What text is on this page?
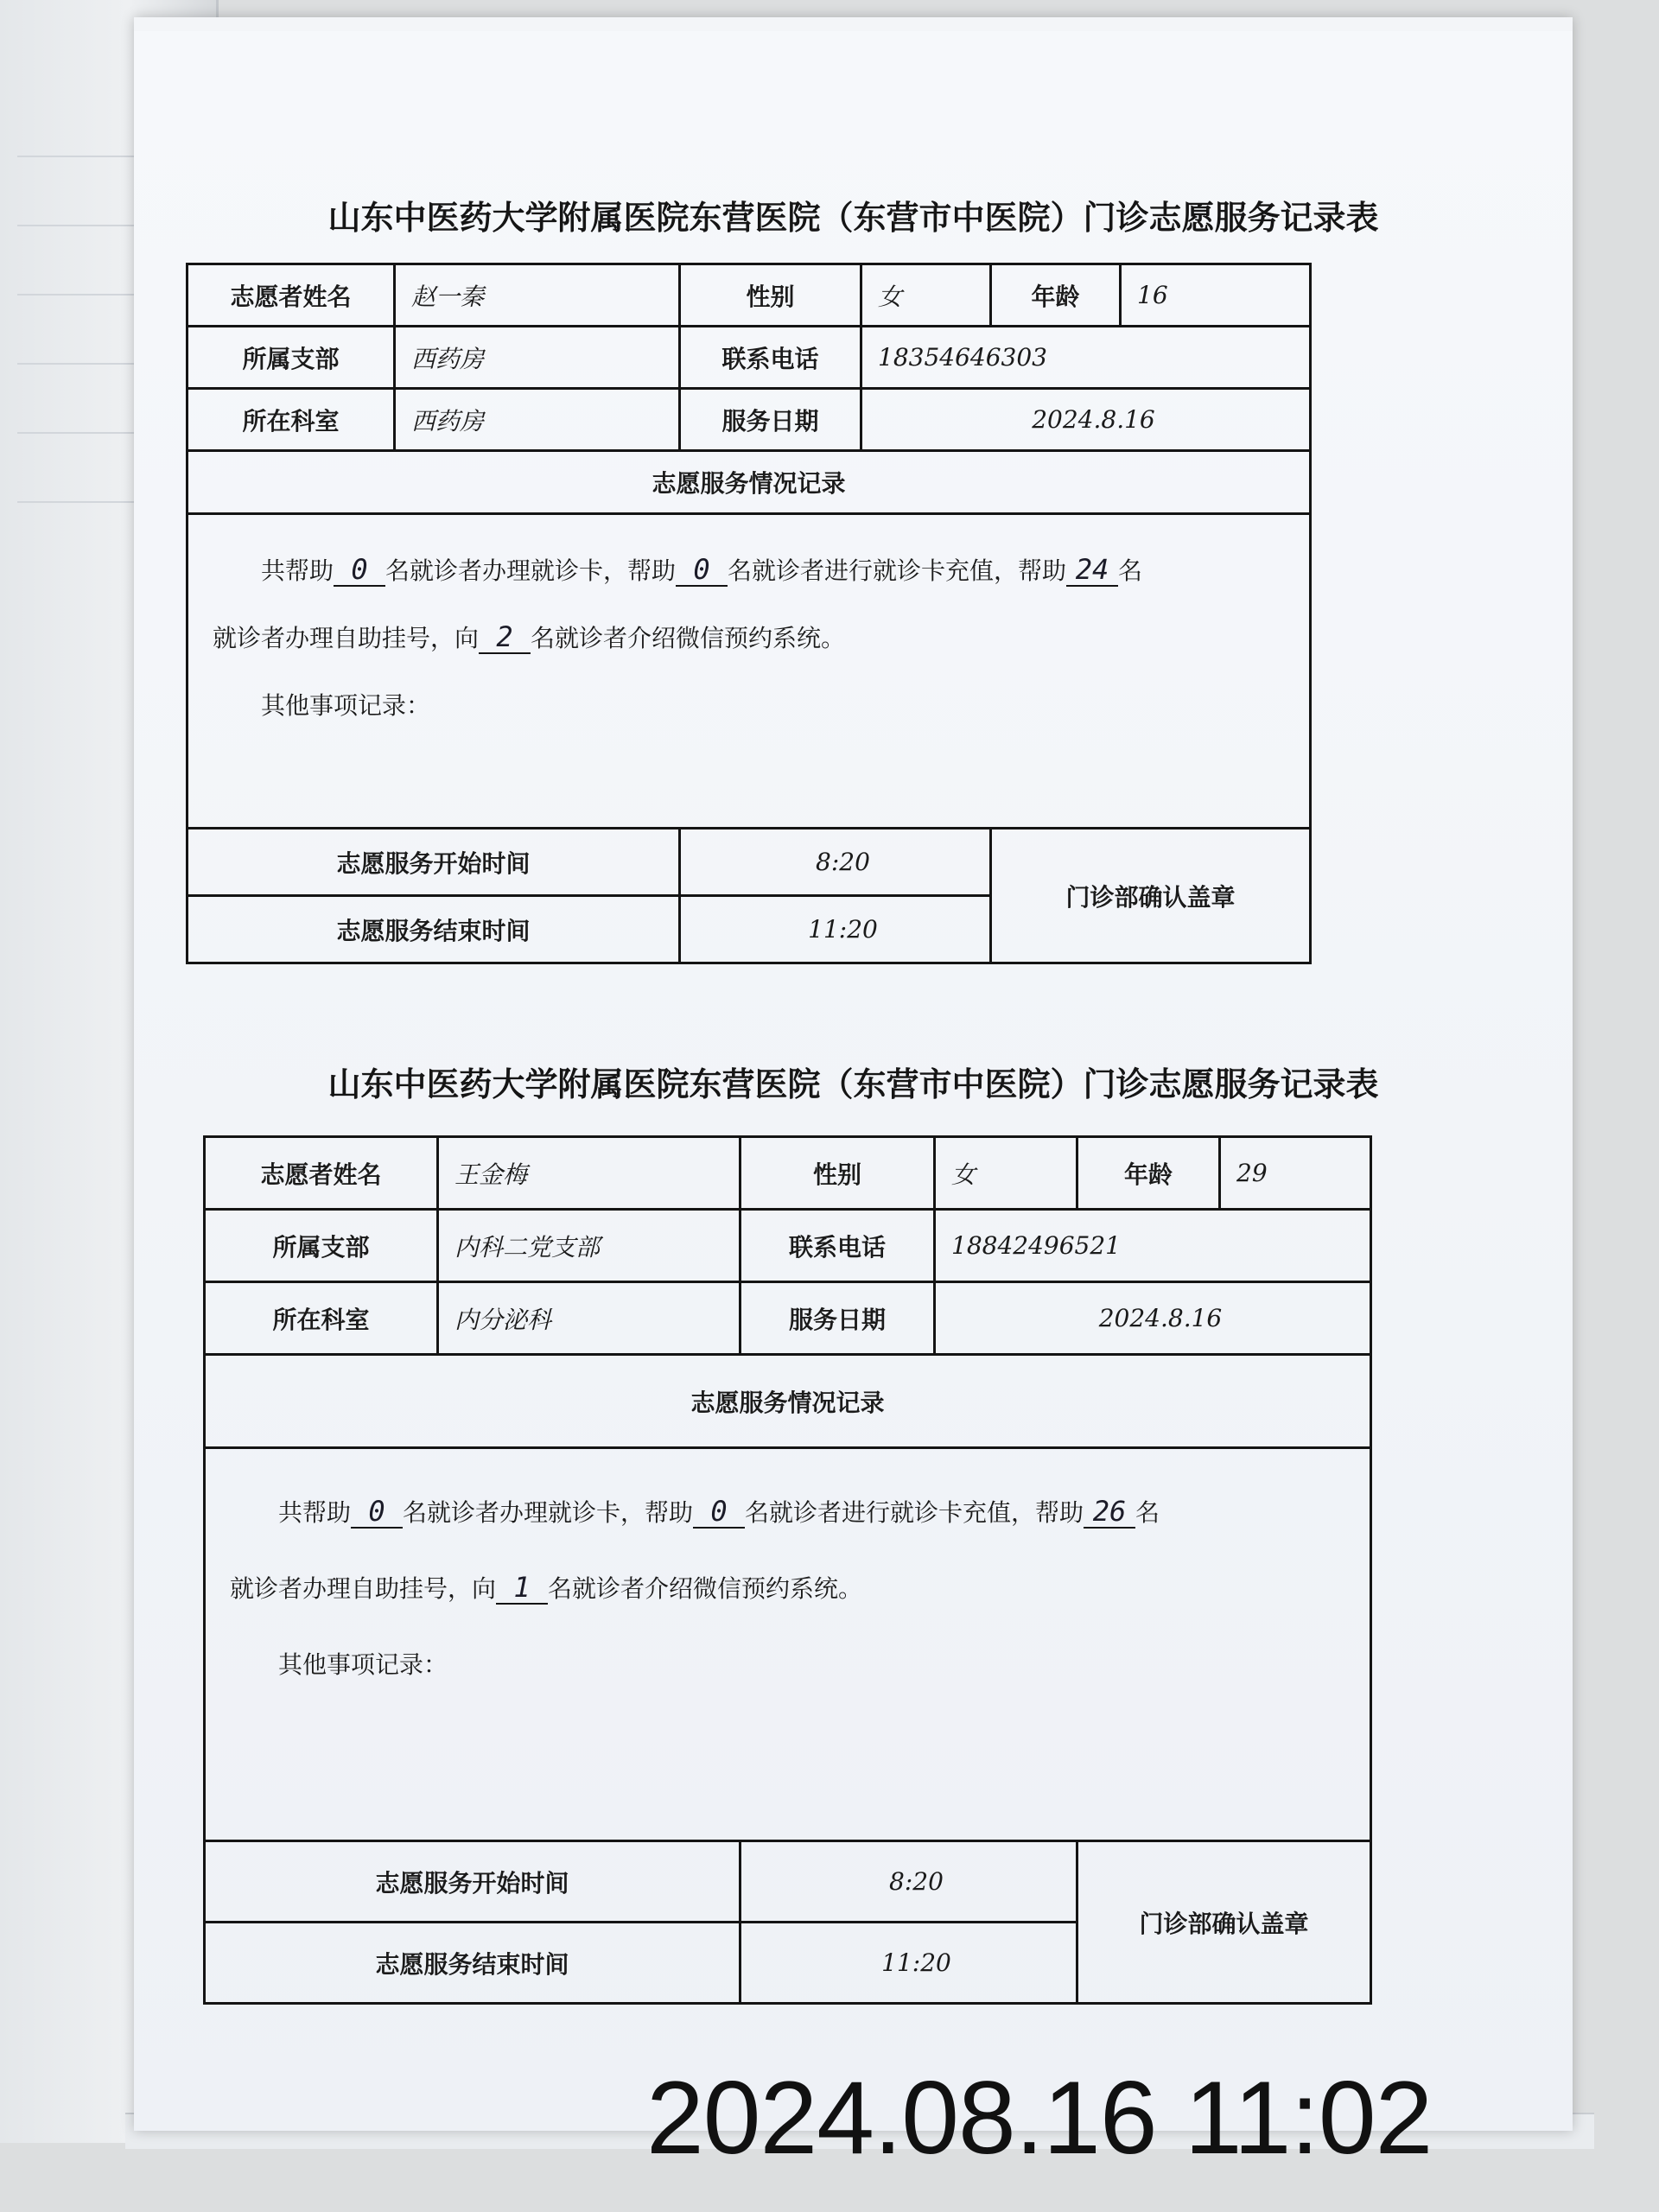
山东中医药大学附属医院东营医院（东营市中医院）门诊志愿服务记录表
志愿者姓名	赵一秦	性别	女	年龄	16
所属支部	西药房	联系电话	18354646303		
所在科室	西药房	服务日期	2024.8.16		
志愿服务情况记录					
共帮助 0 名就诊者办理就诊卡，帮助 0 名就诊者进行就诊卡充值，帮助 24 名
就诊者办理自助挂号，向 2 名就诊者介绍微信预约系统。
其他事项记录：					
志愿服务开始时间		8:20		门诊部确认盖章	
志愿服务结束时间		11:20			
山东中医药大学附属医院东营医院（东营市中医院）门诊志愿服务记录表
志愿者姓名	王金梅	性别	女	年龄	29
所属支部	内科二党支部	联系电话	18842496521		
所在科室	内分泌科	服务日期	2024.8.16		
志愿服务情况记录					
共帮助 0 名就诊者办理就诊卡，帮助 0 名就诊者进行就诊卡充值，帮助 26 名
就诊者办理自助挂号，向 1 名就诊者介绍微信预约系统。
其他事项记录：					
志愿服务开始时间		8:20		门诊部确认盖章	
志愿服务结束时间		11:20			
2024.08.16 11:02
